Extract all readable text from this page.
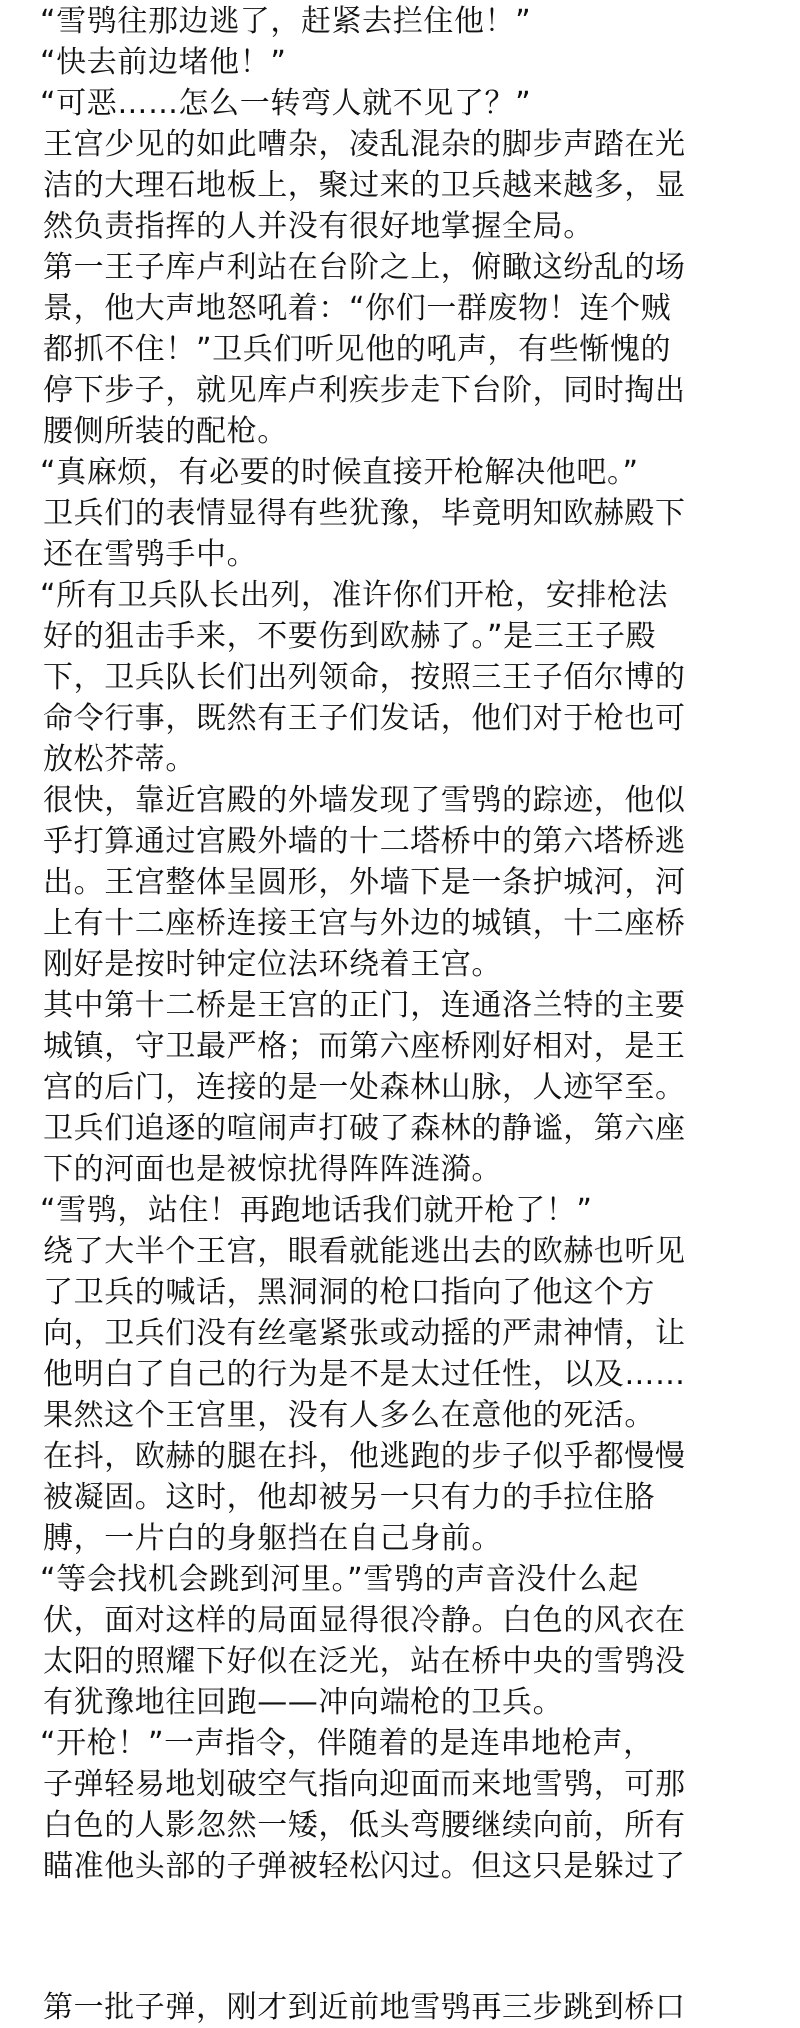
“雪鸮往那边逃了，赶紧去拦住他！”
“快去前边堵他！”
“可恶……怎么一转弯人就不见了？”
王宫少见的如此嘈杂，凌乱混杂的脚步声踏在光
洁的大理石地板上，聚过来的卫兵越来越多，显
然负责指挥的人并没有很好地掌握全局。
第一王子库卢利站在台阶之上，俯瞰这纷乱的场
景，他大声地怒吼着：“你们一群废物！连个贼
都抓不住！”卫兵们听见他的吼声，有些惭愧的
停下步子，就见库卢利疾步走下台阶，同时掏出
腰侧所装的配枪。
“真麻烦，有必要的时候直接开枪解决他吧。”
卫兵们的表情显得有些犹豫，毕竟明知欧赫殿下
还在雪鸮手中。
“所有卫兵队长出列，准许你们开枪，安排枪法
好的狙击手来，不要伤到欧赫了。”是三王子殿
下，卫兵队长们出列领命，按照三王子佰尔博的
命令行事，既然有王子们发话，他们对于枪也可
放松芥蒂。
很快，靠近宫殿的外墙发现了雪鸮的踪迹，他似
乎打算通过宫殿外墙的十二塔桥中的第六塔桥逃
出。王宫整体呈圆形，外墙下是一条护城河，河
上有十二座桥连接王宫与外边的城镇，十二座桥
刚好是按时钟定位法环绕着王宫。
其中第十二桥是王宫的正门，连通洛兰特的主要
城镇，守卫最严格；而第六座桥刚好相对，是王
宫的后门，连接的是一处森林山脉，人迹罕至。
卫兵们追逐的喧闹声打破了森林的静谧，第六座
下的河面也是被惊扰得阵阵涟漪。
“雪鸮，站住！再跑地话我们就开枪了！”
绕了大半个王宫，眼看就能逃出去的欧赫也听见
了卫兵的喊话，黑洞洞的枪口指向了他这个方
向，卫兵们没有丝毫紧张或动摇的严肃神情，让
他明白了自己的行为是不是太过任性，以及……
果然这个王宫里，没有人多么在意他的死活。
在抖，欧赫的腿在抖，他逃跑的步子似乎都慢慢
被凝固。这时，他却被另一只有力的手拉住胳
膊，一片白的身躯挡在自己身前。
“等会找机会跳到河里。”雪鸮的声音没什么起
伏，面对这样的局面显得很冷静。白色的风衣在
太阳的照耀下好似在泛光，站在桥中央的雪鸮没
有犹豫地往回跑——冲向端枪的卫兵。
“开枪！”一声指令，伴随着的是连串地枪声，
子弹轻易地划破空气指向迎面而来地雪鸮，可那
白色的人影忽然一矮，低头弯腰继续向前，所有
瞄准他头部的子弹被轻松闪过。但这只是躲过了
第一批子弹，刚才到近前地雪鸮再三步跳到桥口
